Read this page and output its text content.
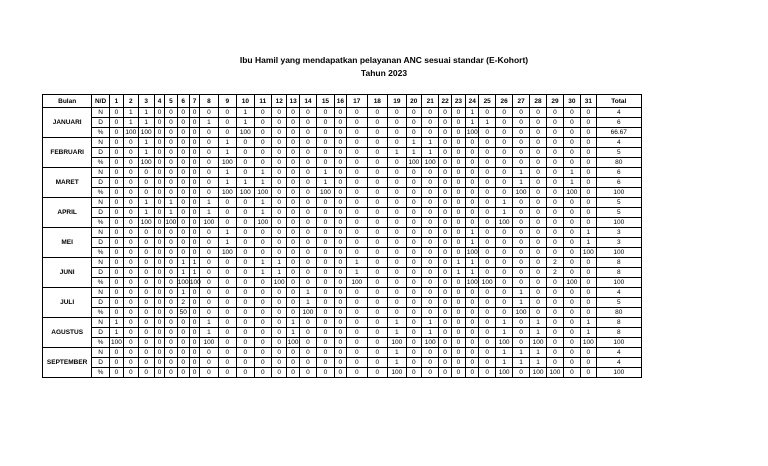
Ibu Hamil yang mendapatkan pelayanan ANC sesuai standar (E-Kohort)
Tahun 2023
Bulan	N/D	1	2	3	4	5	6	7	8	9	10	11	12	13	14	15	16	17	18	19	20	21	22	23	24	25	26	27	28	29	30	31	Total
JANUARI	N	0	1	1	0	0	0	0	0	0	1	0	0	0	0	0	0	0	0	0	0	0	0	0	1	0	0	0	0	0	0	0	4
	D	0	1	1	0	0	0	0	1	0	1	0	0	0	0	0	0	0	0	0	0	0	0	0	1	1	0	0	0	0	0	0	6
	%	0	100	100	0	0	0	0	0	0	100	0	0	0	0	0	0	0	0	0	0	0	0	0	100	0	0	0	0	0	0	0	66.67
FEBRUARI	N	0	0	1	0	0	0	0	0	1	0	0	0	0	0	0	0	0	0	0	1	1	0	0	0	0	0	0	0	0	0	0	4
	D	0	0	1	0	0	0	0	0	1	0	0	0	0	0	0	0	0	0	1	1	1	0	0	0	0	0	0	0	0	0	0	5
	%	0	0	100	0	0	0	0	0	100	0	0	0	0	0	0	0	0	0	0	100	100	0	0	0	0	0	0	0	0	0	0	80
MARET	N	0	0	0	0	0	0	0	0	1	0	1	0	0	0	1	0	0	0	0	0	0	0	0	0	0	0	1	0	0	1	0	6
	D	0	0	0	0	0	0	0	0	1	1	1	0	0	0	1	0	0	0	0	0	0	0	0	0	0	0	1	0	0	1	0	6
	%	0	0	0	0	0	0	0	0	100	100	100	0	0	0	100	0	0	0	0	0	0	0	0	0	0	0	100	0	0	100	0	100
APRIL	N	0	0	1	0	1	0	0	1	0	0	1	0	0	0	0	0	0	0	0	0	0	0	0	0	0	1	0	0	0	0	0	5
	D	0	0	1	0	1	0	0	1	0	0	1	0	0	0	0	0	0	0	0	0	0	0	0	0	0	1	0	0	0	0	0	5
	%	0	0	100	0	100	0	0	100	0	0	100	0	0	0	0	0	0	0	0	0	0	0	0	0	0	100	0	0	0	0	0	100
MEI	N	0	0	0	0	0	0	0	0	1	0	0	0	0	0	0	0	0	0	0	0	0	0	0	1	0	0	0	0	0	0	1	3
	D	0	0	0	0	0	0	0	0	1	0	0	0	0	0	0	0	0	0	0	0	0	0	0	1	0	0	0	0	0	0	1	3
	%	0	0	0	0	0	0	0	0	100	0	0	0	0	0	0	0	0	0	0	0	0	0	0	100	0	0	0	0	0	0	100	100
JUNI	N	0	0	0	0	0	1	1	0	0	0	1	1	0	0	0	0	1	0	0	0	0	0	1	1	0	0	0	0	2	0	0	8
	D	0	0	0	0	0	1	1	0	0	0	1	1	0	0	0	0	1	0	0	0	0	0	1	1	0	0	0	0	2	0	0	8
	%	0	0	0	0	0	100	100	0	0	0	0	100	0	0	0	0	100	0	0	0	0	0	0	100	100	0	0	0	0	100	0	100
JULI	N	0	0	0	0	0	1	0	0	0	0	0	0	0	1	0	0	0	0	0	0	0	0	0	0	0	0	1	0	0	0	0	4
	D	0	0	0	0	0	2	0	0	0	0	0	0	0	1	0	0	0	0	0	0	0	0	0	0	0	0	1	0	0	0	0	5
	%	0	0	0	0	0	50	0	0	0	0	0	0	0	100	0	0	0	0	0	0	0	0	0	0	0	0	100	0	0	0	0	80
AGUSTUS	N	1	0	0	0	0	0	0	1	0	0	0	0	1	0	0	0	0	0	1	0	1	0	0	0	0	1	0	1	0	0	1	8
	D	1	0	0	0	0	0	0	1	0	0	0	0	1	0	0	0	0	0	1	0	1	0	0	0	0	1	0	1	0	0	1	8
	%	100	0	0	0	0	0	0	100	0	0	0	0	100	0	0	0	0	0	100	0	100	0	0	0	0	100	0	100	0	0	100	100
SEPTEMBER	N	0	0	0	0	0	0	0	0	0	0	0	0	0	0	0	0	0	0	1	0	0	0	0	0	0	1	1	1	0	0	0	4
	D	0	0	0	0	0	0	0	0	0	0	0	0	0	0	0	0	0	0	1	0	0	0	0	0	0	1	1	1	0	0	0	4
	%	0	0	0	0	0	0	0	0	0	0	0	0	0	0	0	0	0	0	100	0	0	0	0	0	0	100	0	100	100	0	0	100
